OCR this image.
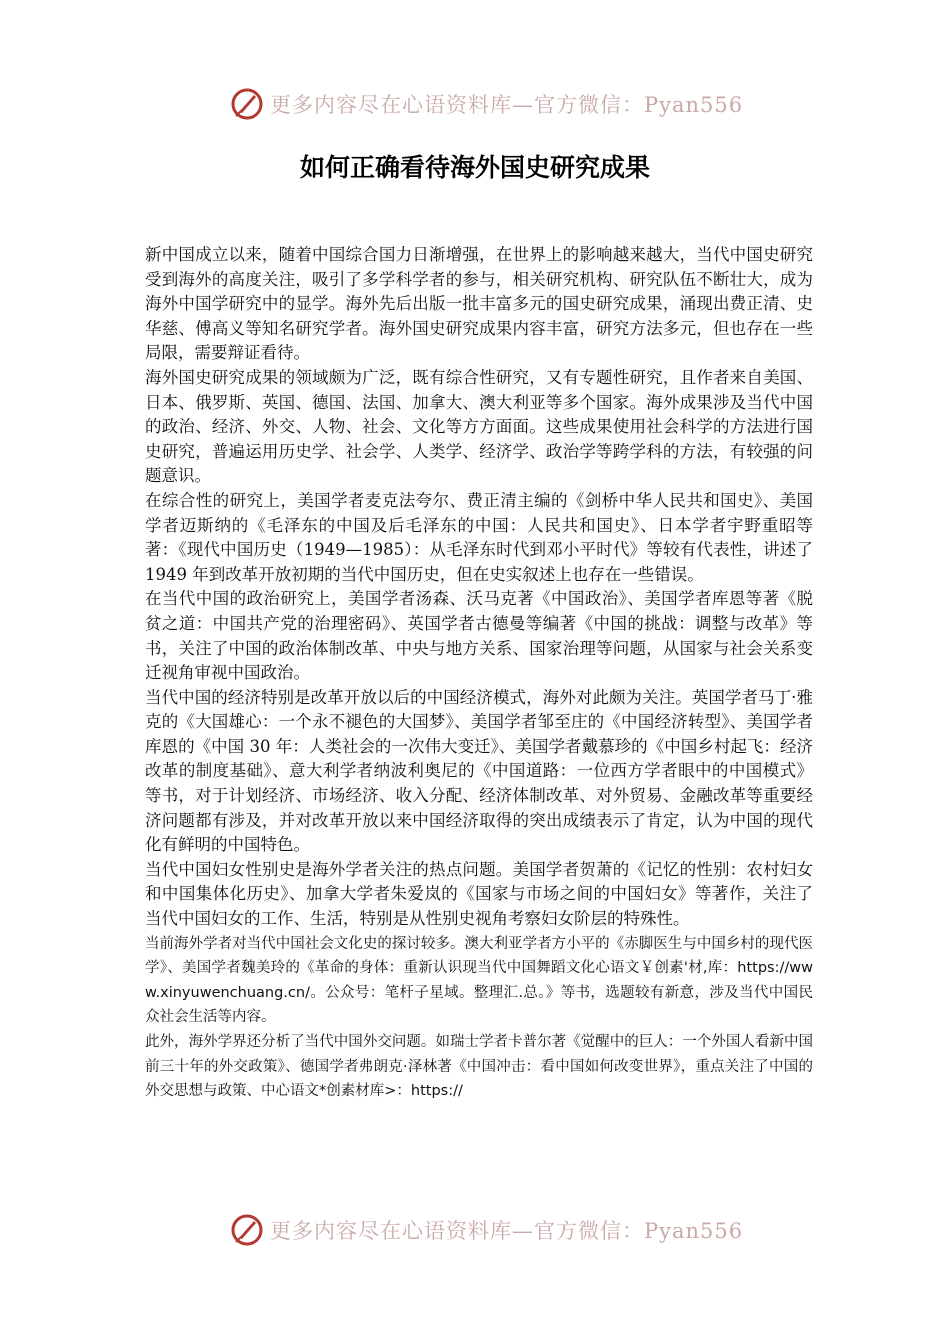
更多内容尽在心语资料库—官方微信：Pyan556
如何正确看待海外国史研究成果

新中国成立以来，随着中国综合国力日渐增强，在世界上的影响越来越大，当代中国史研究受到海外的高度关注，吸引了多学科学者的参与，相关研究机构、研究队伍不断壮大，成为海外中国学研究中的显学。海外先后出版一批丰富多元的国史研究成果，涌现出费正清、史华慈、傅高义等知名研究学者。海外国史研究成果内容丰富，研究方法多元，但也存在一些局限，需要辩证看待。

海外国史研究成果的领域颇为广泛，既有综合性研究，又有专题性研究，且作者来自美国、日本、俄罗斯、英国、德国、法国、加拿大、澳大利亚等多个国家。海外成果涉及当代中国的政治、经济、外交、人物、社会、文化等方方面面。这些成果使用社会科学的方法进行国史研究，普遍运用历史学、社会学、人类学、经济学、政治学等跨学科的方法，有较强的问题意识。

在综合性的研究上，美国学者麦克法夸尔、费正清主编的《剑桥中华人民共和国史》、美国学者迈斯纳的《毛泽东的中国及后毛泽东的中国：人民共和国史》、日本学者宇野重昭等著：《现代中国历史（1949—1985）：从毛泽东时代到邓小平时代》等较有代表性，讲述了 1949 年到改革开放初期的当代中国历史，但在史实叙述上也存在一些错误。

在当代中国的政治研究上，美国学者汤森、沃马克著《中国政治》、美国学者库恩等著《脱贫之道：中国共产党的治理密码》、英国学者古德曼等编著《中国的挑战：调整与改革》等书，关注了中国的政治体制改革、中央与地方关系、国家治理等问题，从国家与社会关系变迁视角审视中国政治。

当代中国的经济特别是改革开放以后的中国经济模式，海外对此颇为关注。英国学者马丁·雅克的《大国雄心：一个永不褪色的大国梦》、美国学者邹至庄的《中国经济转型》、美国学者库恩的《中国 30 年：人类社会的一次伟大变迁》、美国学者戴慕珍的《中国乡村起飞：经济改革的制度基础》、意大利学者纳波利奥尼的《中国道路：一位西方学者眼中的中国模式》等书，对于计划经济、市场经济、收入分配、经济体制改革、对外贸易、金融改革等重要经济问题都有涉及，并对改革开放以来中国经济取得的突出成绩表示了肯定，认为中国的现代化有鲜明的中国特色。

当代中国妇女性别史是海外学者关注的热点问题。美国学者贺萧的《记忆的性别：农村妇女和中国集体化历史》、加拿大学者朱爱岚的《国家与市场之间的中国妇女》等著作，关注了当代中国妇女的工作、生活，特别是从性别史视角考察妇女阶层的特殊性。

当前海外学者对当代中国社会文化史的探讨较多。澳大利亚学者方小平的《赤脚医生与中国乡村的现代医学》、美国学者魏美玲的《革命的身体：重新认识现当代中国舞蹈文化心语文￥创素'材,库：https://www.xinyuwenchuang.cn/。公众号：笔杆子星域。整理汇.总。》等书，选题较有新意，涉及当代中国民众社会生活等内容。

此外，海外学界还分析了当代中国外交问题。如瑞士学者卡普尔著《觉醒中的巨人：一个外国人看新中国前三十年的外交政策》、德国学者弗朗克·泽林著《中国冲击：看中国如何改变世界》，重点关注了中国的外交思想与政策、中心语文*创素材库>：https://

更多内容尽在心语资料库—官方微信：Pyan556
